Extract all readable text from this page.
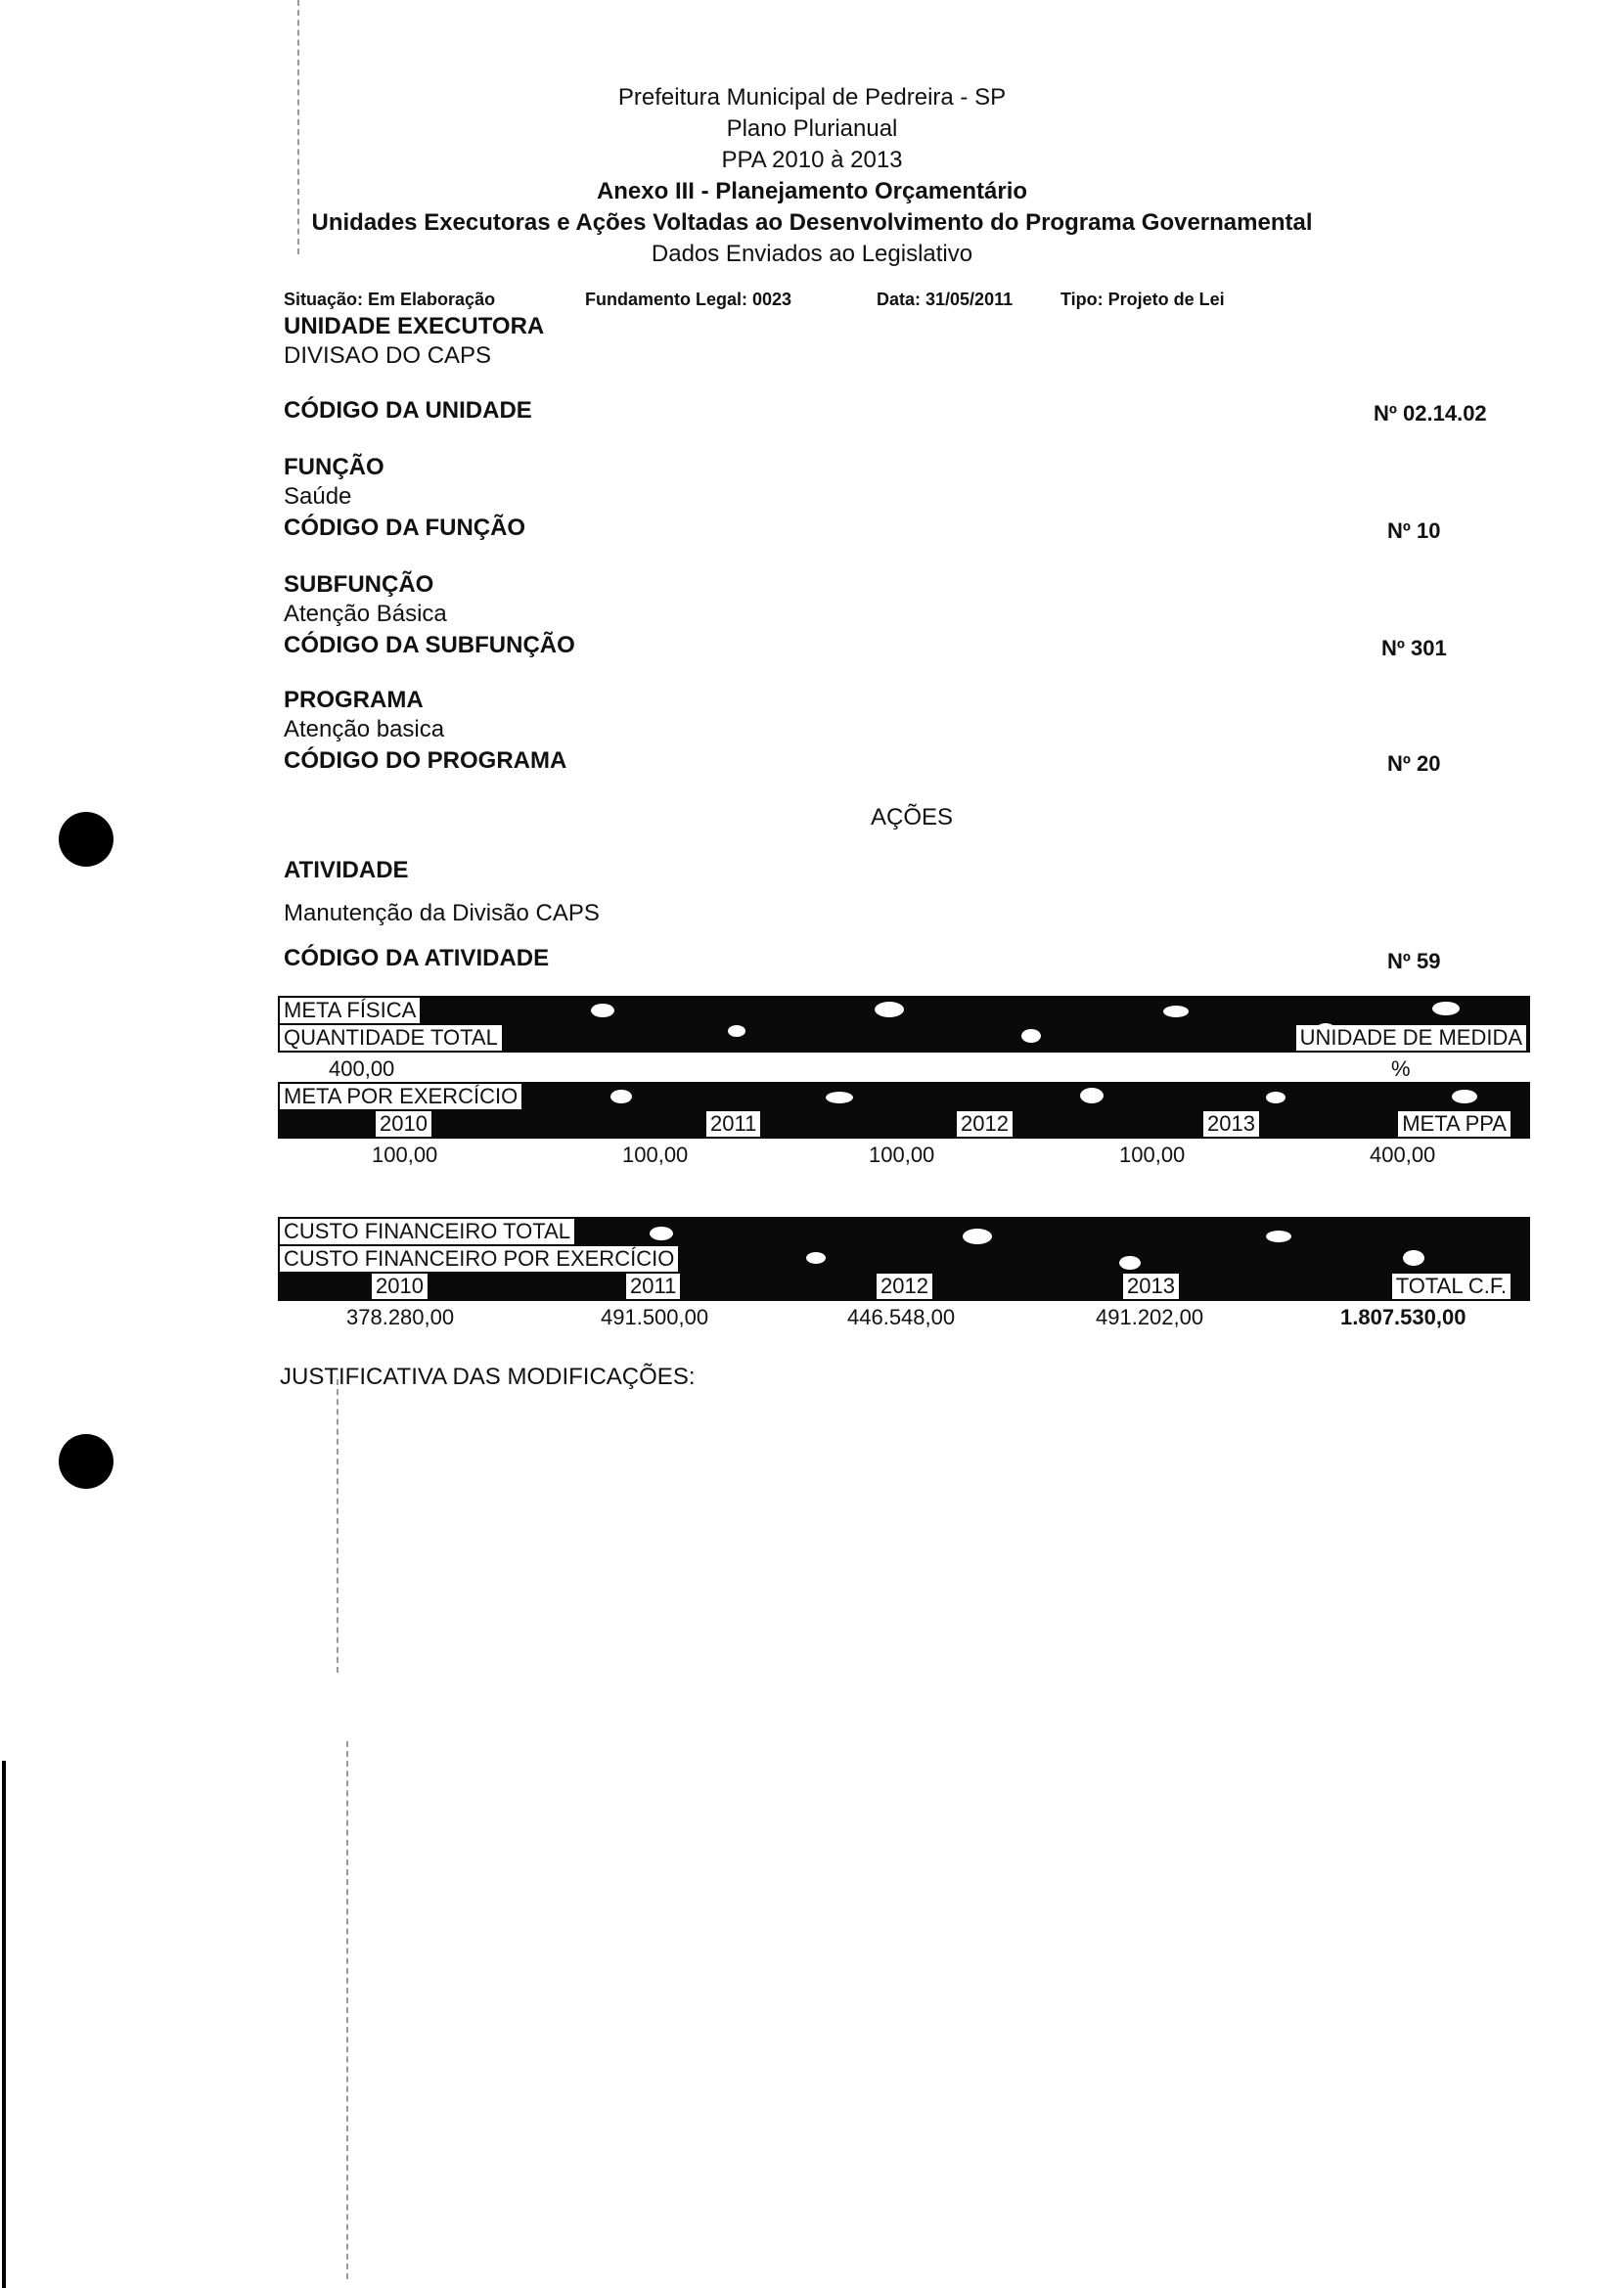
Prefeitura Municipal de Pedreira - SP
Plano Plurianual
PPA 2010 à 2013
Anexo III - Planejamento Orçamentário
Unidades Executoras e Ações Voltadas ao Desenvolvimento do Programa Governamental
Dados Enviados ao Legislativo
Situação: Em Elaboração	Fundamento Legal: 0023	Data: 31/05/2011	Tipo: Projeto de Lei
UNIDADE EXECUTORA
DIVISAO DO CAPS
CÓDIGO DA UNIDADE	Nº 02.14.02
FUNÇÃO
Saúde
CÓDIGO DA FUNÇÃO	Nº 10
SUBFUNÇÃO
Atenção Básica
CÓDIGO DA SUBFUNÇÃO	Nº 301
PROGRAMA
Atenção basica
CÓDIGO DO PROGRAMA	Nº 20
AÇÕES
ATIVIDADE
Manutenção da Divisão CAPS
CÓDIGO DA ATIVIDADE	Nº 59
META FÍSICA
QUANTIDADE TOTAL	UNIDADE DE MEDIDA
400,00	%
META POR EXERCÍCIO
2010	2011	2012	2013	META PPA
100,00	100,00	100,00	100,00	400,00
CUSTO FINANCEIRO TOTAL
CUSTO FINANCEIRO POR EXERCÍCIO
2010	2011	2012	2013	TOTAL C.F.
378.280,00	491.500,00	446.548,00	491.202,00	1.807.530,00
JUSTIFICATIVA DAS MODIFICAÇÕES:
